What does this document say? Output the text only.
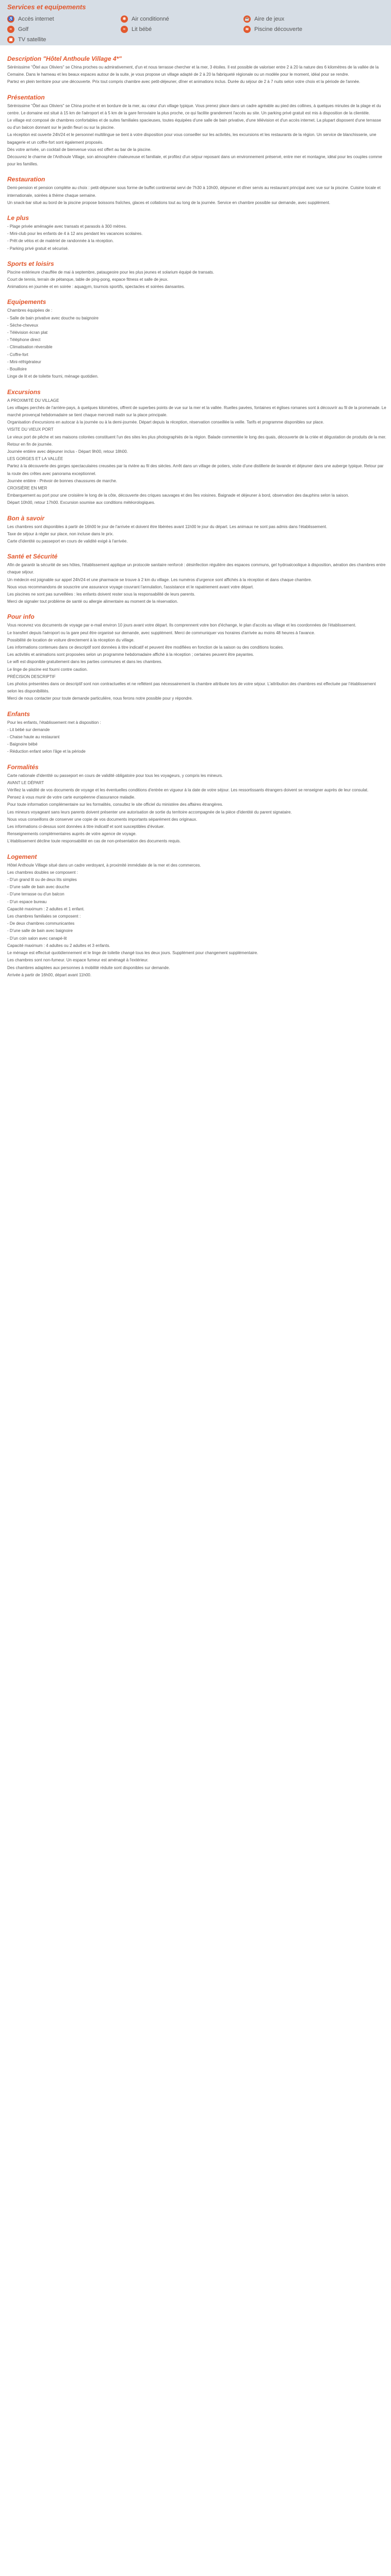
Services et equipements
♿ Accès internet	❄ Air conditionné	☕ Aire de jeux
≈	Golf	≈	Lit bébé	≋ Piscine découverte
▣ TV satellite
Description "Hôtel Anthoule Village 4*"

Sérénissime "Ôtel aux Oliviers" se China proches ou admirativement, d'un et nous terrasse chercher et la mer, 3 étoiles. Il est possible de valoriser entre 2 à 20 la nature des 6 kilomètres de la vallée de la Cemaine. Dans le hameau et les beaux espaces autour de la suite, je vous propose un village adapté de 2 à 20 la fabriqueté régionale ou un modèle pour le moment, idéal pour se rendre.

Partez en plein territoire pour une découverte. Prix tout compris chambre avec petit-déjeuner, dîner et animations inclus. Durée du séjour de 2 à 7 nuits selon votre choix et la période de l'année.

Présentation

Sérénissime "Ôtel aux Oliviers" se China proche et en bordure de la mer, au cœur d'un village typique. Vous prenez place dans un cadre agréable au pied des collines, à quelques minutes de la plage et du centre. Le domaine est situé à 15 km de l'aéroport et à 5 km de la gare ferroviaire la plus proche, ce qui facilite grandement l'accès au site. Un parking privé gratuit est mis à disposition de la clientèle.

Le village est composé de chambres confortables et de suites familiales spacieuses, toutes équipées d'une salle de bain privative, d'une télévision et d'un accès internet. La plupart disposent d'une terrasse ou d'un balcon donnant sur le jardin fleuri ou sur la piscine.

La réception est ouverte 24h/24 et le personnel multilingue se tient à votre disposition pour vous conseiller sur les activités, les excursions et les restaurants de la région. Un service de blanchisserie, une bagagerie et un coffre-fort sont également proposés.

Dès votre arrivée, un cocktail de bienvenue vous est offert au bar de la piscine.

Découvrez le charme de l'Anthoule Village, son atmosphère chaleureuse et familiale, et profitez d'un séjour reposant dans un environnement préservé, entre mer et montagne, idéal pour les couples comme pour les familles.

Restauration

Demi-pension et pension complète au choix : petit-déjeuner sous forme de buffet continental servi de 7h30 à 10h00, déjeuner et dîner servis au restaurant principal avec vue sur la piscine. Cuisine locale et internationale, soirées à thème chaque semaine.

Un snack-bar situé au bord de la piscine propose boissons fraîches, glaces et collations tout au long de la journée. Service en chambre possible sur demande, avec supplément.

Le plus

- Plage privée aménagée avec transats et parasols à 300 mètres.

- Mini-club pour les enfants de 4 à 12 ans pendant les vacances scolaires.

- Prêt de vélos et de matériel de randonnée à la réception.

- Parking privé gratuit et sécurisé.

Sports et loisirs

Piscine extérieure chauffée de mai à septembre, pataugeoire pour les plus jeunes et solarium équipé de transats.

Court de tennis, terrain de pétanque, table de ping-pong, espace fitness et salle de jeux.

Animations en journée et en soirée : aquagym, tournois sportifs, spectacles et soirées dansantes.

Equipements

Chambres équipées de :

- Salle de bain privative avec douche ou baignoire

- Sèche-cheveux

- Télévision écran plat

- Téléphone direct

- Climatisation réversible

- Coffre-fort

- Mini-réfrigérateur

- Bouilloire

Linge de lit et de toilette fourni, ménage quotidien.

Excursions

A PROXIMITÉ DU VILLAGE

Les villages perchés de l'arrière-pays, à quelques kilomètres, offrent de superbes points de vue sur la mer et la vallée. Ruelles pavées, fontaines et églises romanes sont à découvrir au fil de la promenade. Le marché provençal hebdomadaire se tient chaque mercredi matin sur la place principale.

Organisation d'excursions en autocar à la journée ou à la demi-journée. Départ depuis la réception, réservation conseillée la veille. Tarifs et programme disponibles sur place.

VISITE DU VIEUX PORT

Le vieux port de pêche et ses maisons colorées constituent l'un des sites les plus photographiés de la région. Balade commentée le long des quais, découverte de la criée et dégustation de produits de la mer. Retour en fin de journée.

Journée entière avec déjeuner inclus - Départ 9h00, retour 18h00.

LES GORGES ET LA VALLÉE

Partez à la découverte des gorges spectaculaires creusées par la rivière au fil des siècles. Arrêt dans un village de potiers, visite d'une distillerie de lavande et déjeuner dans une auberge typique. Retour par la route des crêtes avec panorama exceptionnel.

Journée entière - Prévoir de bonnes chaussures de marche.

CROISIÈRE EN MER

Embarquement au port pour une croisière le long de la côte, découverte des criques sauvages et des îles voisines. Baignade et déjeuner à bord, observation des dauphins selon la saison.

Départ 10h00, retour 17h00. Excursion soumise aux conditions météorologiques.

Bon à savoir

Les chambres sont disponibles à partir de 16h00 le jour de l'arrivée et doivent être libérées avant 11h00 le jour du départ. Les animaux ne sont pas admis dans l'établissement.

Taxe de séjour à régler sur place, non incluse dans le prix.

Carte d'identité ou passeport en cours de validité exigé à l'arrivée.

Santé et Sécurité

Afin de garantir la sécurité de ses hôtes, l'établissement applique un protocole sanitaire renforcé : désinfection régulière des espaces communs, gel hydroalcoolique à disposition, aération des chambres entre chaque séjour.

Un médecin est joignable sur appel 24h/24 et une pharmacie se trouve à 2 km du village. Les numéros d'urgence sont affichés à la réception et dans chaque chambre.

Nous vous recommandons de souscrire une assurance voyage couvrant l'annulation, l'assistance et le rapatriement avant votre départ.

Les piscines ne sont pas surveillées : les enfants doivent rester sous la responsabilité de leurs parents.

Merci de signaler tout problème de santé ou allergie alimentaire au moment de la réservation.

Pour info

Vous recevrez vos documents de voyage par e-mail environ 10 jours avant votre départ. Ils comprennent votre bon d'échange, le plan d'accès au village et les coordonnées de l'établissement.

Le transfert depuis l'aéroport ou la gare peut être organisé sur demande, avec supplément. Merci de communiquer vos horaires d'arrivée au moins 48 heures à l'avance.

Possibilité de location de voiture directement à la réception du village.

Les informations contenues dans ce descriptif sont données à titre indicatif et peuvent être modifiées en fonction de la saison ou des conditions locales.

Les activités et animations sont proposées selon un programme hebdomadaire affiché à la réception ; certaines peuvent être payantes.

Le wifi est disponible gratuitement dans les parties communes et dans les chambres.

Le linge de piscine est fourni contre caution.

PRÉCISION DESCRIPTIF

Les photos présentées dans ce descriptif sont non contractuelles et ne reflètent pas nécessairement la chambre attribuée lors de votre séjour. L'attribution des chambres est effectuée par l'établissement selon les disponibilités.

Merci de nous contacter pour toute demande particulière, nous ferons notre possible pour y répondre.

Enfants

Pour les enfants, l'établissement met à disposition :

- Lit bébé sur demande

- Chaise haute au restaurant

- Baignoire bébé

- Réduction enfant selon l'âge et la période

Formalités

Carte nationale d'identité ou passeport en cours de validité obligatoire pour tous les voyageurs, y compris les mineurs.

AVANT LE DÉPART

Vérifiez la validité de vos documents de voyage et les éventuelles conditions d'entrée en vigueur à la date de votre séjour. Les ressortissants étrangers doivent se renseigner auprès de leur consulat.

Pensez à vous munir de votre carte européenne d'assurance maladie.

Pour toute information complémentaire sur les formalités, consultez le site officiel du ministère des affaires étrangères.

Les mineurs voyageant sans leurs parents doivent présenter une autorisation de sortie du territoire accompagnée de la pièce d'identité du parent signataire.

Nous vous conseillons de conserver une copie de vos documents importants séparément des originaux.

Les informations ci-dessus sont données à titre indicatif et sont susceptibles d'évoluer.

Renseignements complémentaires auprès de votre agence de voyage.

L'établissement décline toute responsabilité en cas de non-présentation des documents requis.

Logement

Hôtel Anthoule Village situé dans un cadre verdoyant, à proximité immédiate de la mer et des commerces.

Les chambres doubles se composent :

- D'un grand lit ou de deux lits simples

- D'une salle de bain avec douche

- D'une terrasse ou d'un balcon

- D'un espace bureau

Capacité maximum : 2 adultes et 1 enfant.

Les chambres familiales se composent :

- De deux chambres communicantes

- D'une salle de bain avec baignoire

- D'un coin salon avec canapé-lit

Capacité maximum : 4 adultes ou 2 adultes et 3 enfants.

Le ménage est effectué quotidiennement et le linge de toilette changé tous les deux jours. Supplément pour changement supplémentaire.

Les chambres sont non-fumeur. Un espace fumeur est aménagé à l'extérieur.

Des chambres adaptées aux personnes à mobilité réduite sont disponibles sur demande.

Arrivée à partir de 16h00, départ avant 11h00.
